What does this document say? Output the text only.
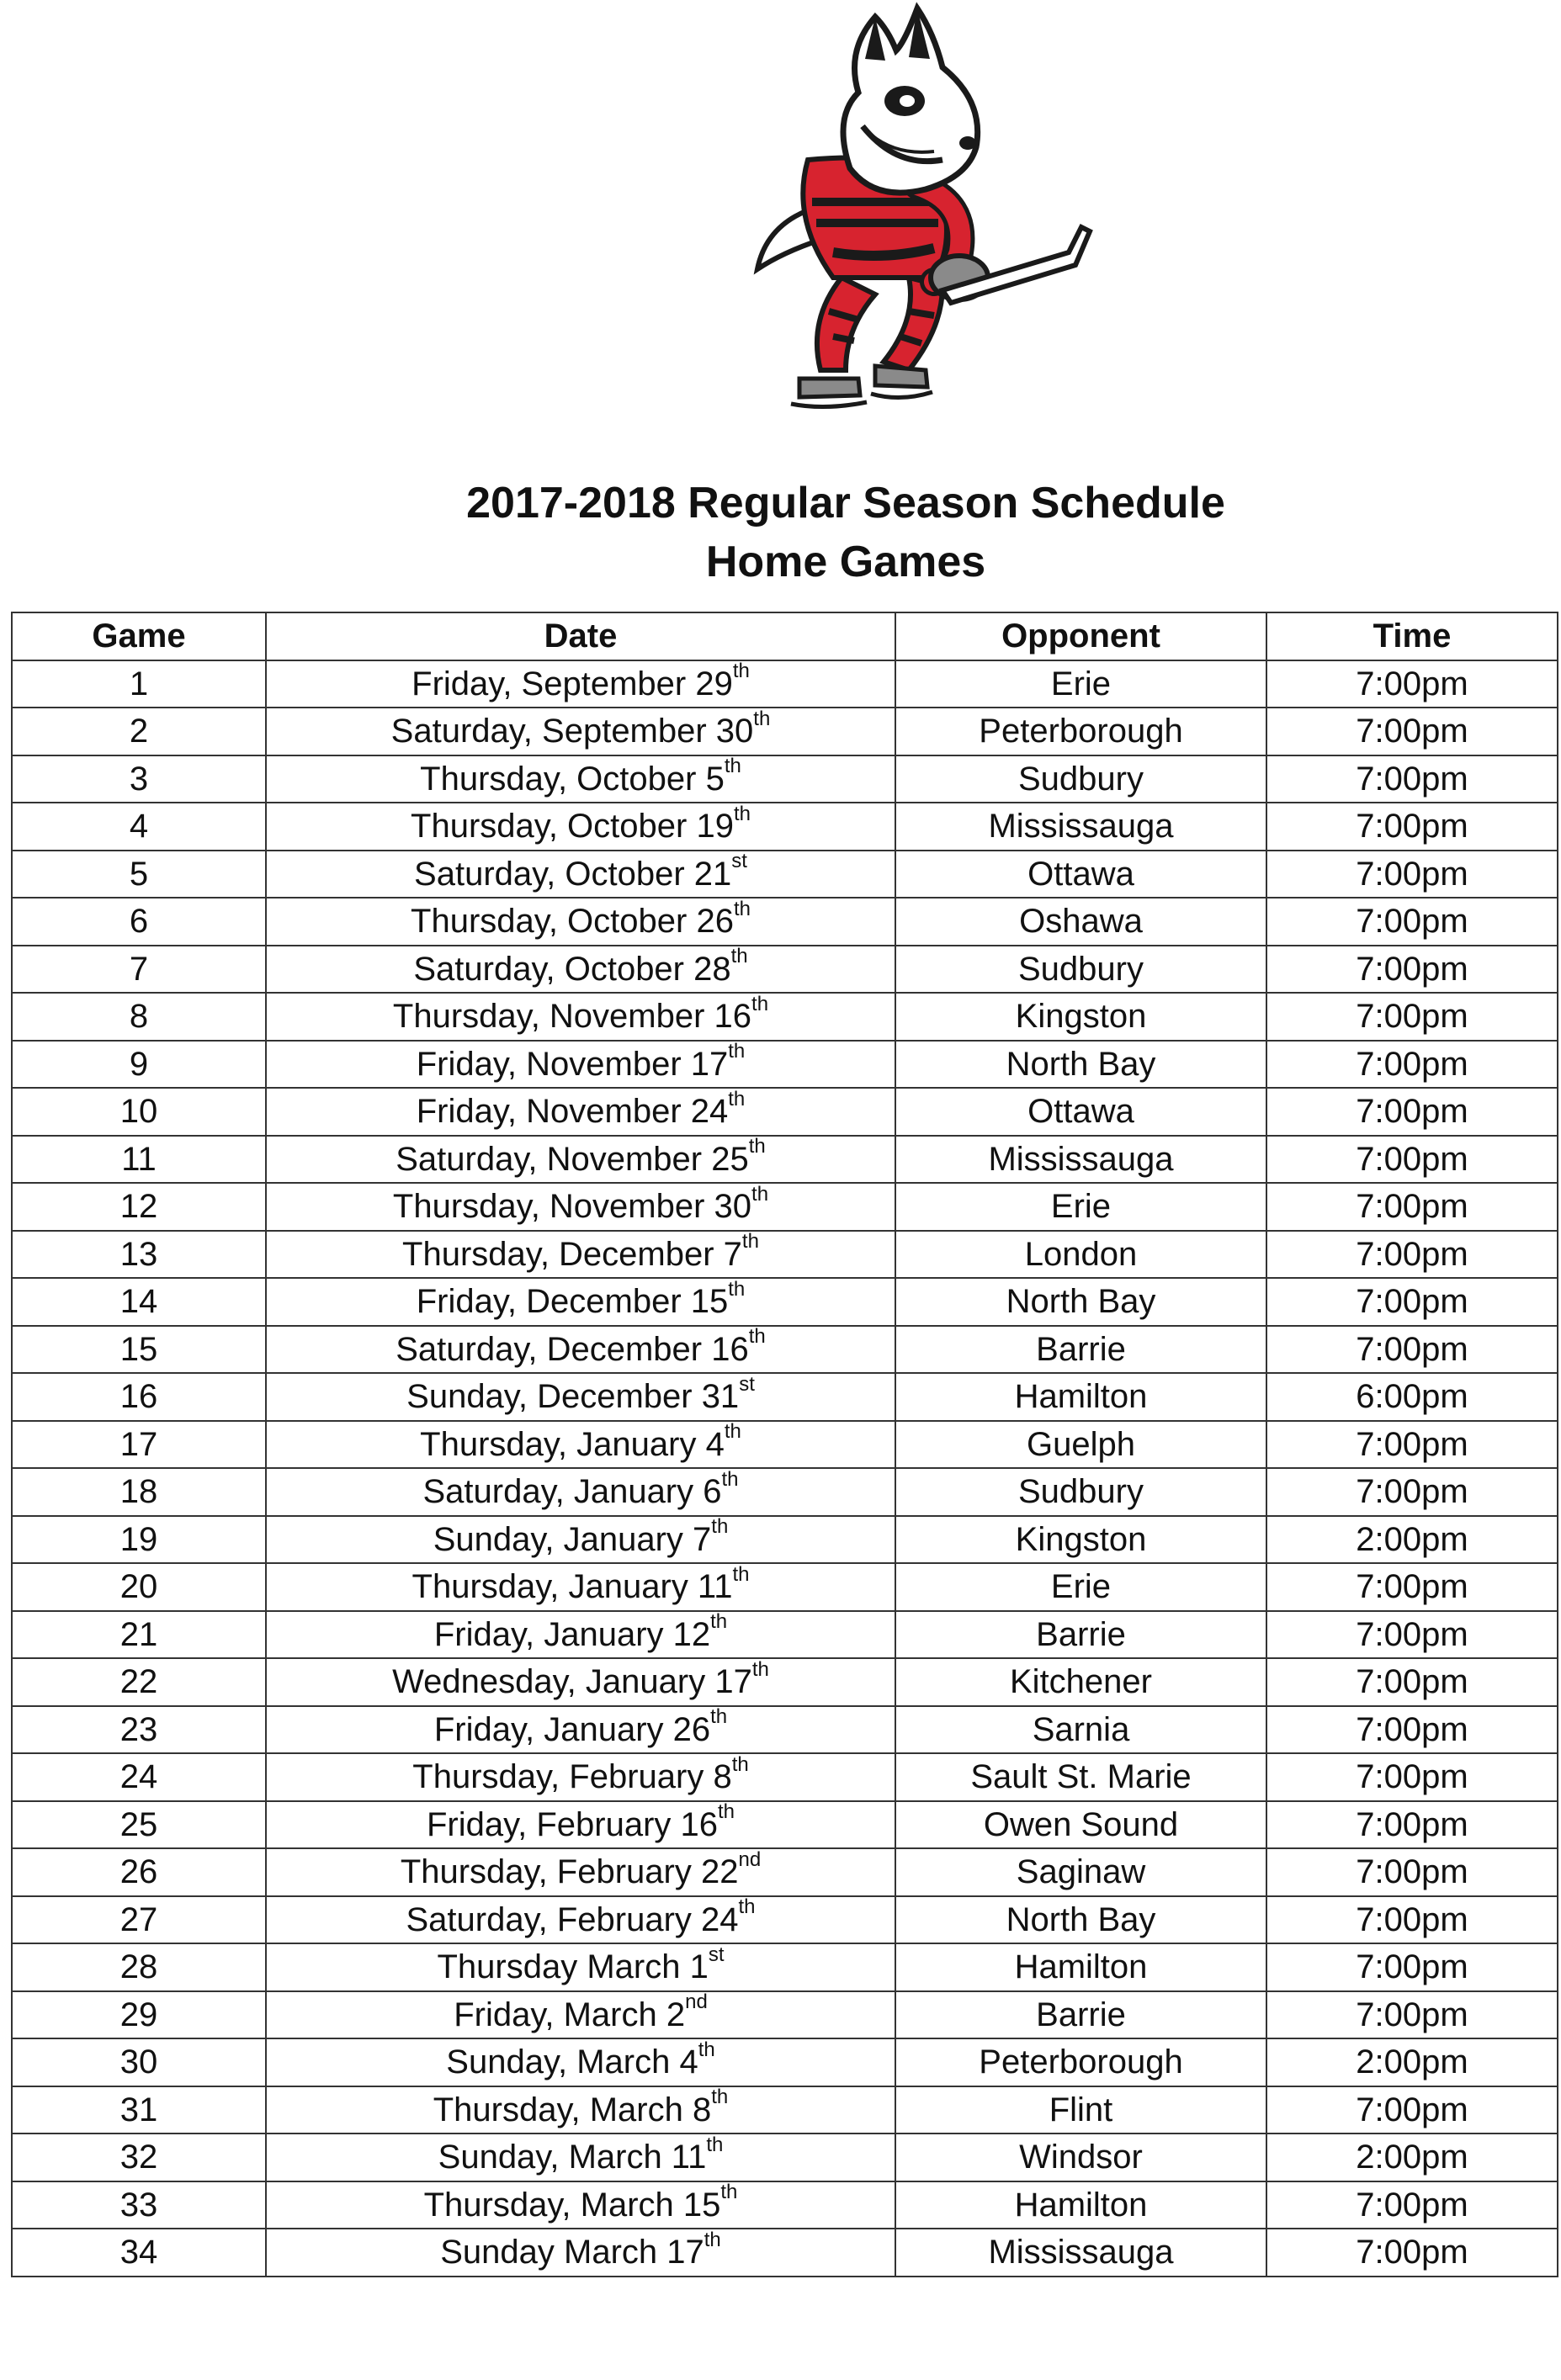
2017-2018 Regular Season Schedule
Home Games
Game	Date	Opponent	Time
1	Friday, September 29th	Erie	7:00pm
2	Saturday, September 30th	Peterborough	7:00pm
3	Thursday, October 5th	Sudbury	7:00pm
4	Thursday, October 19th	Mississauga	7:00pm
5	Saturday, October 21st	Ottawa	7:00pm
6	Thursday, October 26th	Oshawa	7:00pm
7	Saturday, October 28th	Sudbury	7:00pm
8	Thursday, November 16th	Kingston	7:00pm
9	Friday, November 17th	North Bay	7:00pm
10	Friday, November 24th	Ottawa	7:00pm
11	Saturday, November 25th	Mississauga	7:00pm
12	Thursday, November 30th	Erie	7:00pm
13	Thursday, December 7th	London	7:00pm
14	Friday, December 15th	North Bay	7:00pm
15	Saturday, December 16th	Barrie	7:00pm
16	Sunday, December 31st	Hamilton	6:00pm
17	Thursday, January 4th	Guelph	7:00pm
18	Saturday, January 6th	Sudbury	7:00pm
19	Sunday, January 7th	Kingston	2:00pm
20	Thursday, January 11th	Erie	7:00pm
21	Friday, January 12th	Barrie	7:00pm
22	Wednesday, January 17th	Kitchener	7:00pm
23	Friday, January 26th	Sarnia	7:00pm
24	Thursday, February 8th	Sault St. Marie	7:00pm
25	Friday, February 16th	Owen Sound	7:00pm
26	Thursday, February 22nd	Saginaw	7:00pm
27	Saturday, February 24th	North Bay	7:00pm
28	Thursday March 1st	Hamilton	7:00pm
29	Friday, March 2nd	Barrie	7:00pm
30	Sunday, March 4th	Peterborough	2:00pm
31	Thursday, March 8th	Flint	7:00pm
32	Sunday, March 11th	Windsor	2:00pm
33	Thursday, March 15th	Hamilton	7:00pm
34	Sunday March 17th	Mississauga	7:00pm
